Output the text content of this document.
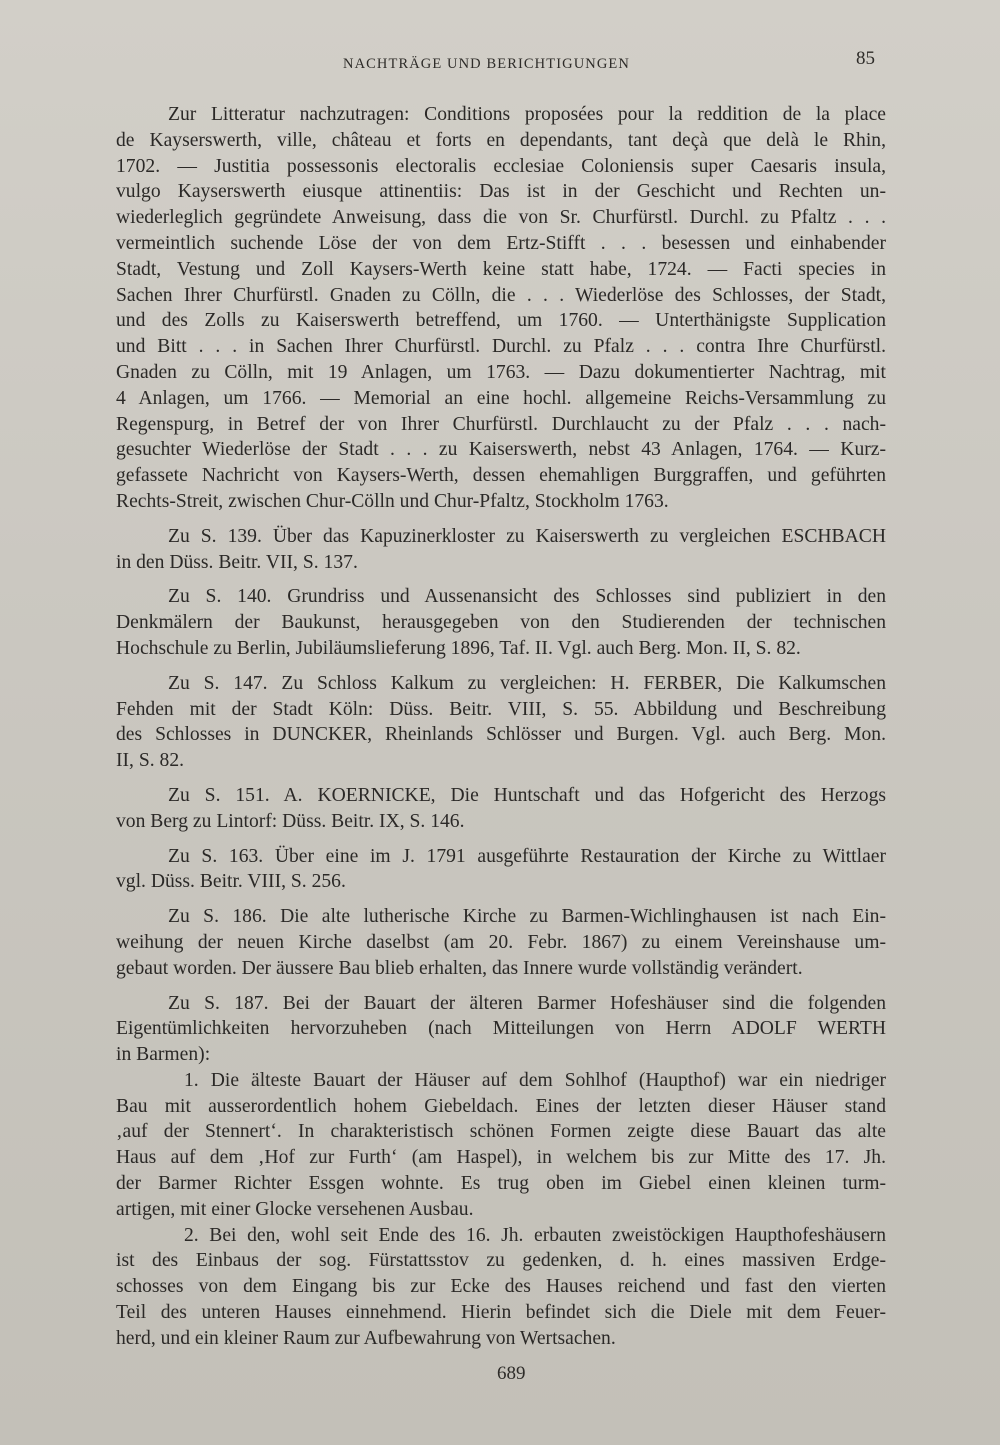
NACHTRÄGE UND BERICHTIGUNGEN	85
Zur Litteratur nachzutragen: Conditions proposées pour la reddition de la place
de Kayserswerth, ville, château et forts en dependants, tant deçà que delà le Rhin,
1702. — Justitia possessonis electoralis ecclesiae Coloniensis super Caesaris insula,
vulgo Kayserswerth eiusque attinentiis: Das ist in der Geschicht und Rechten un-
wiederleglich gegründete Anweisung, dass die von Sr. Churfürstl. Durchl. zu Pfaltz . . .
vermeintlich suchende Löse der von dem Ertz-Stifft . . . besessen und einhabender
Stadt, Vestung und Zoll Kaysers-Werth keine statt habe, 1724. — Facti species in
Sachen Ihrer Churfürstl. Gnaden zu Cölln, die . . . Wiederlöse des Schlosses, der Stadt,
und des Zolls zu Kaiserswerth betreffend, um 1760. — Unterthänigste Supplication
und Bitt . . . in Sachen Ihrer Churfürstl. Durchl. zu Pfalz . . . contra Ihre Churfürstl.
Gnaden zu Cölln, mit 19 Anlagen, um 1763. — Dazu dokumentierter Nachtrag, mit
4 Anlagen, um 1766. — Memorial an eine hochl. allgemeine Reichs-Versammlung zu
Regenspurg, in Betref der von Ihrer Churfürstl. Durchlaucht zu der Pfalz . . . nach-
gesuchter Wiederlöse der Stadt . . . zu Kaiserswerth, nebst 43 Anlagen, 1764. — Kurz-
gefassete Nachricht von Kaysers-Werth, dessen ehemahligen Burggraffen, und geführten
Rechts-Streit, zwischen Chur-Cölln und Chur-Pfaltz, Stockholm 1763.
Zu S. 139. Über das Kapuzinerkloster zu Kaiserswerth zu vergleichen ESCHBACH
in den Düss. Beitr. VII, S. 137.
Zu S. 140. Grundriss und Aussenansicht des Schlosses sind publiziert in den
Denkmälern der Baukunst, herausgegeben von den Studierenden der technischen
Hochschule zu Berlin, Jubiläumslieferung 1896, Taf. II. Vgl. auch Berg. Mon. II, S. 82.
Zu S. 147. Zu Schloss Kalkum zu vergleichen: H. FERBER, Die Kalkumschen
Fehden mit der Stadt Köln: Düss. Beitr. VIII, S. 55. Abbildung und Beschreibung
des Schlosses in DUNCKER, Rheinlands Schlösser und Burgen. Vgl. auch Berg. Mon.
II, S. 82.
Zu S. 151. A. KOERNICKE, Die Huntschaft und das Hofgericht des Herzogs
von Berg zu Lintorf: Düss. Beitr. IX, S. 146.
Zu S. 163. Über eine im J. 1791 ausgeführte Restauration der Kirche zu Wittlaer
vgl. Düss. Beitr. VIII, S. 256.
Zu S. 186. Die alte lutherische Kirche zu Barmen-Wichlinghausen ist nach Ein-
weihung der neuen Kirche daselbst (am 20. Febr. 1867) zu einem Vereinshause um-
gebaut worden. Der äussere Bau blieb erhalten, das Innere wurde vollständig verändert.
Zu S. 187. Bei der Bauart der älteren Barmer Hofeshäuser sind die folgenden
Eigentümlichkeiten hervorzuheben (nach Mitteilungen von Herrn ADOLF WERTH
in Barmen):
1. Die älteste Bauart der Häuser auf dem Sohlhof (Haupthof) war ein niedriger
Bau mit ausserordentlich hohem Giebeldach. Eines der letzten dieser Häuser stand
‚auf der Stennert‘. In charakteristisch schönen Formen zeigte diese Bauart das alte
Haus auf dem ‚Hof zur Furth‘ (am Haspel), in welchem bis zur Mitte des 17. Jh.
der Barmer Richter Essgen wohnte. Es trug oben im Giebel einen kleinen turm-
artigen, mit einer Glocke versehenen Ausbau.
2. Bei den, wohl seit Ende des 16. Jh. erbauten zweistöckigen Haupthofeshäusern
ist des Einbaus der sog. Fürstattsstov zu gedenken, d. h. eines massiven Erdge-
schosses von dem Eingang bis zur Ecke des Hauses reichend und fast den vierten
Teil des unteren Hauses einnehmend. Hierin befindet sich die Diele mit dem Feuer-
herd, und ein kleiner Raum zur Aufbewahrung von Wertsachen.
689
